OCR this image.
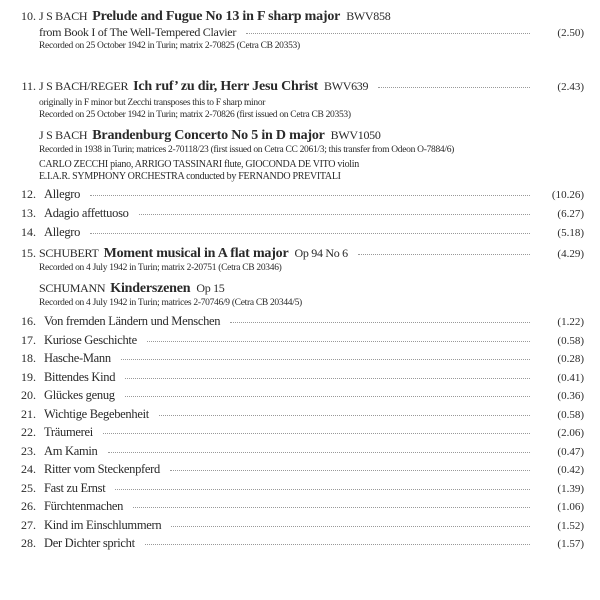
10. J S BACH Prelude and Fugue No 13 in F sharp major BWV858
from Book I of The Well-Tempered Clavier	(2.50)
Recorded on 25 October 1942 in Turin; matrix 2-70825 (Cetra CB 20353)
11. J S BACH/REGER Ich ruf’ zu dir, Herr Jesu Christ BWV639	(2.43)
originally in F minor but Zecchi transposes this to F sharp minor
Recorded on 25 October 1942 in Turin; matrix 2-70826 (first issued on Cetra CB 20353)
J S BACH Brandenburg Concerto No 5 in D major BWV1050
Recorded in 1938 in Turin; matrices 2-70118/23 (first issued on Cetra CC 2061/3; this transfer from Odeon O-7884/6)
CARLO ZECCHI piano, ARRIGO TASSINARI flute, GIOCONDA DE VITO violin
E.I.A.R. SYMPHONY ORCHESTRA conducted by FERNANDO PREVITALI
12. Allegro	(10.26)
13. Adagio affettuoso	(6.27)
14. Allegro	(5.18)
15. SCHUBERT Moment musical in A flat major Op 94 No 6	(4.29)
Recorded on 4 July 1942 in Turin; matrix 2-20751 (Cetra CB 20346)
SCHUMANN Kinderszenen Op 15
Recorded on 4 July 1942 in Turin; matrices 2-70746/9 (Cetra CB 20344/5)
16. Von fremden Ländern und Menschen	(1.22)
17. Kuriose Geschichte	(0.58)
18. Hasche-Mann	(0.28)
19. Bittendes Kind	(0.41)
20. Glückes genug	(0.36)
21. Wichtige Begebenheit	(0.58)
22. Träumerei	(2.06)
23. Am Kamin	(0.47)
24. Ritter vom Steckenpferd	(0.42)
25. Fast zu Ernst	(1.39)
26. Fürchtenmachen	(1.06)
27. Kind im Einschlummern	(1.52)
28. Der Dichter spricht	(1.57)
